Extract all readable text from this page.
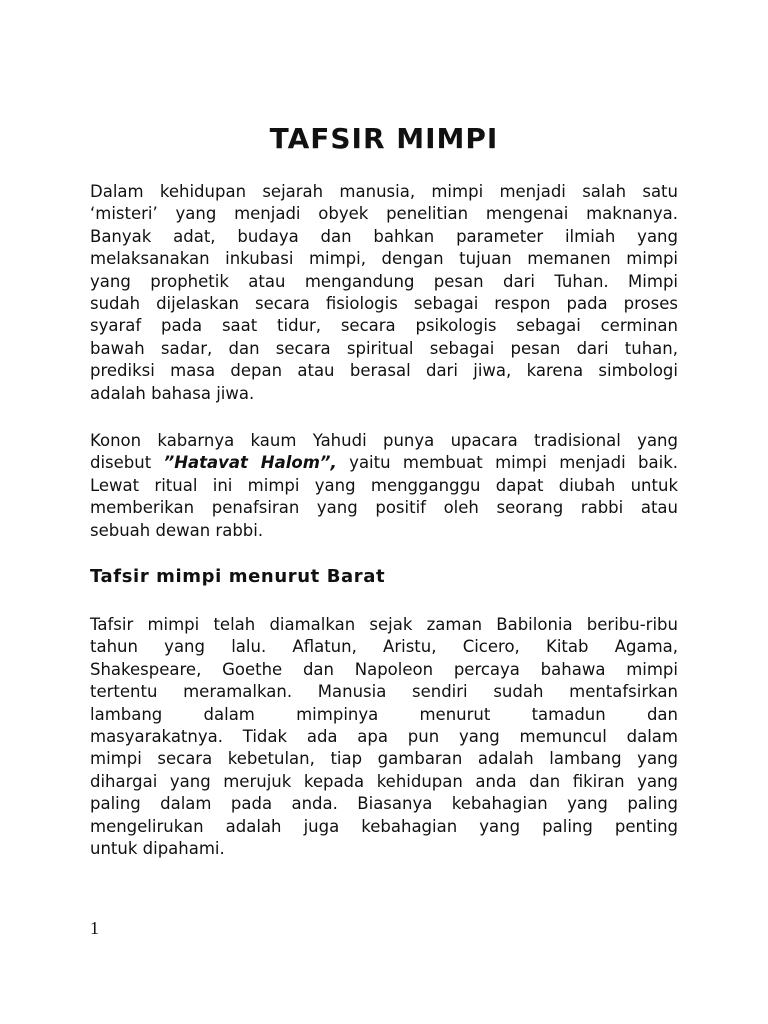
TAFSIR MIMPI

Dalam kehidupan sejarah manusia, mimpi menjadi salah satu
‘misteri’ yang menjadi obyek penelitian mengenai maknanya.
Banyak adat, budaya dan bahkan parameter ilmiah yang
melaksanakan inkubasi mimpi, dengan tujuan memanen mimpi
yang prophetik atau mengandung pesan dari Tuhan. Mimpi
sudah dijelaskan secara fisiologis sebagai respon pada proses
syaraf pada saat tidur, secara psikologis sebagai cerminan
bawah sadar, dan secara spiritual sebagai pesan dari tuhan,
prediksi masa depan atau berasal dari jiwa, karena simbologi
adalah bahasa jiwa.

Konon kabarnya kaum Yahudi punya upacara tradisional yang
disebut ”Hatavat Halom”, yaitu membuat mimpi menjadi baik.
Lewat ritual ini mimpi yang mengganggu dapat diubah untuk
memberikan penafsiran yang positif oleh seorang rabbi atau
sebuah dewan rabbi.

Tafsir mimpi menurut Barat

Tafsir mimpi telah diamalkan sejak zaman Babilonia beribu-ribu
tahun yang lalu. Aflatun, Aristu, Cicero, Kitab Agama,
Shakespeare, Goethe dan Napoleon percaya bahawa mimpi
tertentu meramalkan. Manusia sendiri sudah mentafsirkan
lambang dalam mimpinya menurut tamadun dan
masyarakatnya. Tidak ada apa pun yang memuncul dalam
mimpi secara kebetulan, tiap gambaran adalah lambang yang
dihargai yang merujuk kepada kehidupan anda dan fikiran yang
paling dalam pada anda. Biasanya kebahagian yang paling
mengelirukan adalah juga kebahagian yang paling penting
untuk dipahami.

1
